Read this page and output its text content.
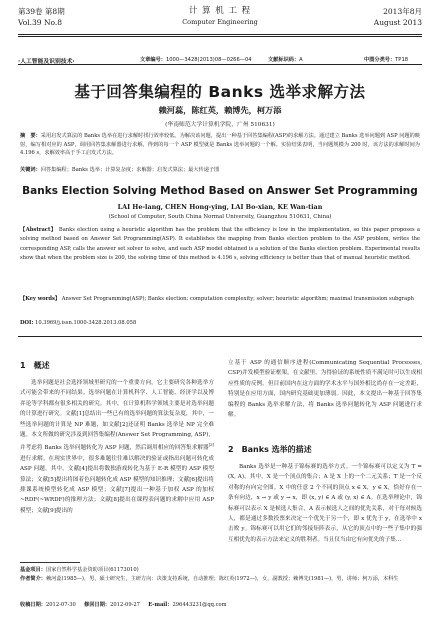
第39卷 第8期
Vol.39 No.8
计 算 机 工 程
Computer Engineering
2013年8月
August 2013
·人工智能及识别技术·	文章编号：1000—3428(2013)08—0266—04	文献标识码：A	中图分类号：TP18
基于回答集编程的 Banks 选举求解方法
赖河蕊，陈红英，赖博先，柯万添
(华南师范大学计算机学院，广州 510631)
摘　要：采用启发式算法的 Banks 选举在进行求解时找行效率较低。为解决该问题，提出一种基于回答集编程(ASP)的求解方法。通过建立 Banks 选举问题到 ASP 问题的映射，编写相对应的 ASP，调用回答集求解器进行求解，得到的每一个 ASP 模型就是 Banks 选举问题的一个解。实验结果表明，当问题规模为 200 时，该方法的求解时间为 4.196 s，求解效率高于手工启发式方法。
关键词：回答集编程；Banks 选举；计算复杂度；求解器；启发式算法；最大传递子图
Banks Election Solving Method Based on Answer Set Programming
LAI He-lang, CHEN Hong-ying, LAI Bo-xian, KE Wan-tian
(School of Computer, South China Normal University, Guangzhou 510631, China)
【Abstract】 Banks election using a heuristic algorithm has the problem that the efficiency is low in the implementation, so this paper proposes a solving method based on Answer Set Programming(ASP). It establishes the mapping from Banks election problem to the ASP problem, writes the corresponding ASP, calls the answer set solver to solve, and each ASP model obtained is a solution of the Banks election problem. Experimental results show that when the problem size is 200, the solving time of this method is 4.196 s, solving efficiency is better than that of manual heuristic method.
【Key words】 Answer Set Programming(ASP); Banks election; computation complexity; solver; heuristic algorithm; maximal transmission subgraph
DOI: 10.3969/j.issn.1000-3428.2013.08.058
1　概述
选举问题是社会选择领域里研究的一个重要方向，它主要研究各种选举方式可能会带来的不同结果。选举问题在计算机科学、人工智能、经济学以及博弈论等学科都有很多相关的研究。其中，在计算机科学领域主要是对选举问题的计算进行研究。文献[1]总结出一些已有的选举问题的算法复杂度，其中，一些选举问题的计算是 NP 难题，如文献[2]还证明 Banks 选举是 NP 完全难题。本文所做的研究涉及到回答集编程(Answer Set Programming, ASP)，并考虑将 Banks 选举问题转化为 ASP 问题，然后调用相应的回答集求解器[3]进行求解。在现实世界中，很多难题往往难以解决的验证或指出问题可转化成 ASP 问题。其中，文献[4]提出将数独游戏转化为基于 E-R 模型的 ASP 模型算法；文献[5]提出将图着色问题转化成 ASP 模型的知识推理；文献[6]提出将排课系统模型转化成 ASP 模型；文献[7]提出一种基于加权 ASP 的加权 ~RDF(~WRDF)的推理方法；文献[8]提出在课程表问题的求解中应用 ASP 模型；文献[9]提出的
立基于 ASP 的通信顺序进程(Communicating Sequential Processes, CSP)并发模型验证框架。在文献里，为得验证的系统性质不满足时可以生成相应性质的反例。但目前国内在这方面的学术水平与国外相比尚存在一定差距，特别是在应用方面，国内研究基础更加薄弱。因此，本文提出一种基于回答集编程的 Banks 选举求解方法，将 Banks 选举问题转化为 ASP 问题进行求解。
2　Banks 选举的描述
Banks 选举是一种基于锦标赛的选举方式。一个锦标赛可以定义为 T = (X, A)，其中，X 是一个顶点的集合；A 是 X 上的一个二元关系；T 是一个反对称的有向完全图。X 中的任意 2 个不同的顶点 x ∈ X，y ∈ X，恰好存在一条有向边，x → y 或 y → x，即 (x, y) ∈ A 或 (y, x) ∈ A。在选举理论中，锦标赛可以表示 X 是候选人集合，A 表示候选人之间的优先关系，对于每对候选人，都是通过多数投票来决定一个优先于另一个，即 x 优先于 y，在选举中 x 击败 y。锦标赛可以用它们的邻接矩阵表示，从它的顶点中的一些子集中的强互相优先的表示方法来定义的胜利者。当且仅当由它有向优先的子集...
基金项目：国家自然科学基金资助项目(61173010)
作者简介：赖河蕊(1985—)，男，硕士研究生，主研方向：决策支持系统，自动推理；陈红英(1972—)，女，副教授；赖博先(1981—)，男，讲师；柯万添，本科生
收稿日期：2012-07-30 修回日期：2012-09-27 E-mail：296443231@qq.com
